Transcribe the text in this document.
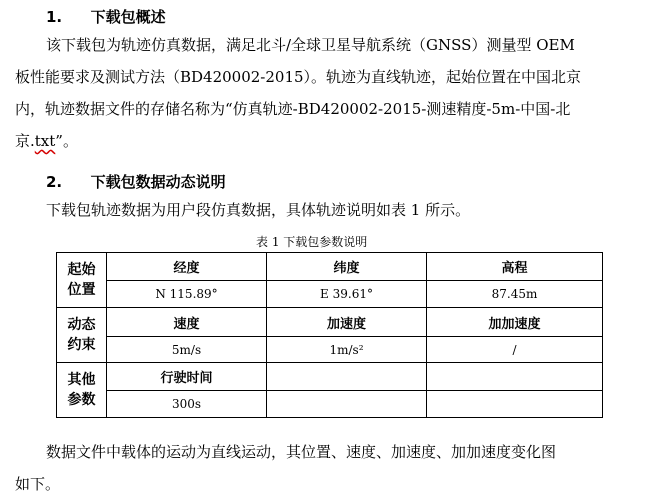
1. 下载包概述
该下载包为轨迹仿真数据，满足北斗/全球卫星导航系统（GNSS）测量型 OEM
板性能要求及测试方法（BD420002-2015）。轨迹为直线轨迹，起始位置在中国北京
内，轨迹数据文件的存储名称为“仿真轨迹-BD420002-2015-测速精度-5m-中国-北
京.txt”。
2. 下载包数据动态说明
下载包轨迹数据为用户段仿真数据，具体轨迹说明如表 1 所示。
表 1 下载包参数说明
起始
位置	经度	纬度	高程
	N 115.89°	E 39.61°	87.45m

动态
约束	速度	加速度	加加速度
	5m/s	1m/s²	/

其他
参数	行驶时间		
	300s		
数据文件中载体的运动为直线运动，其位置、速度、加速度、加加速度变化图
如下。
